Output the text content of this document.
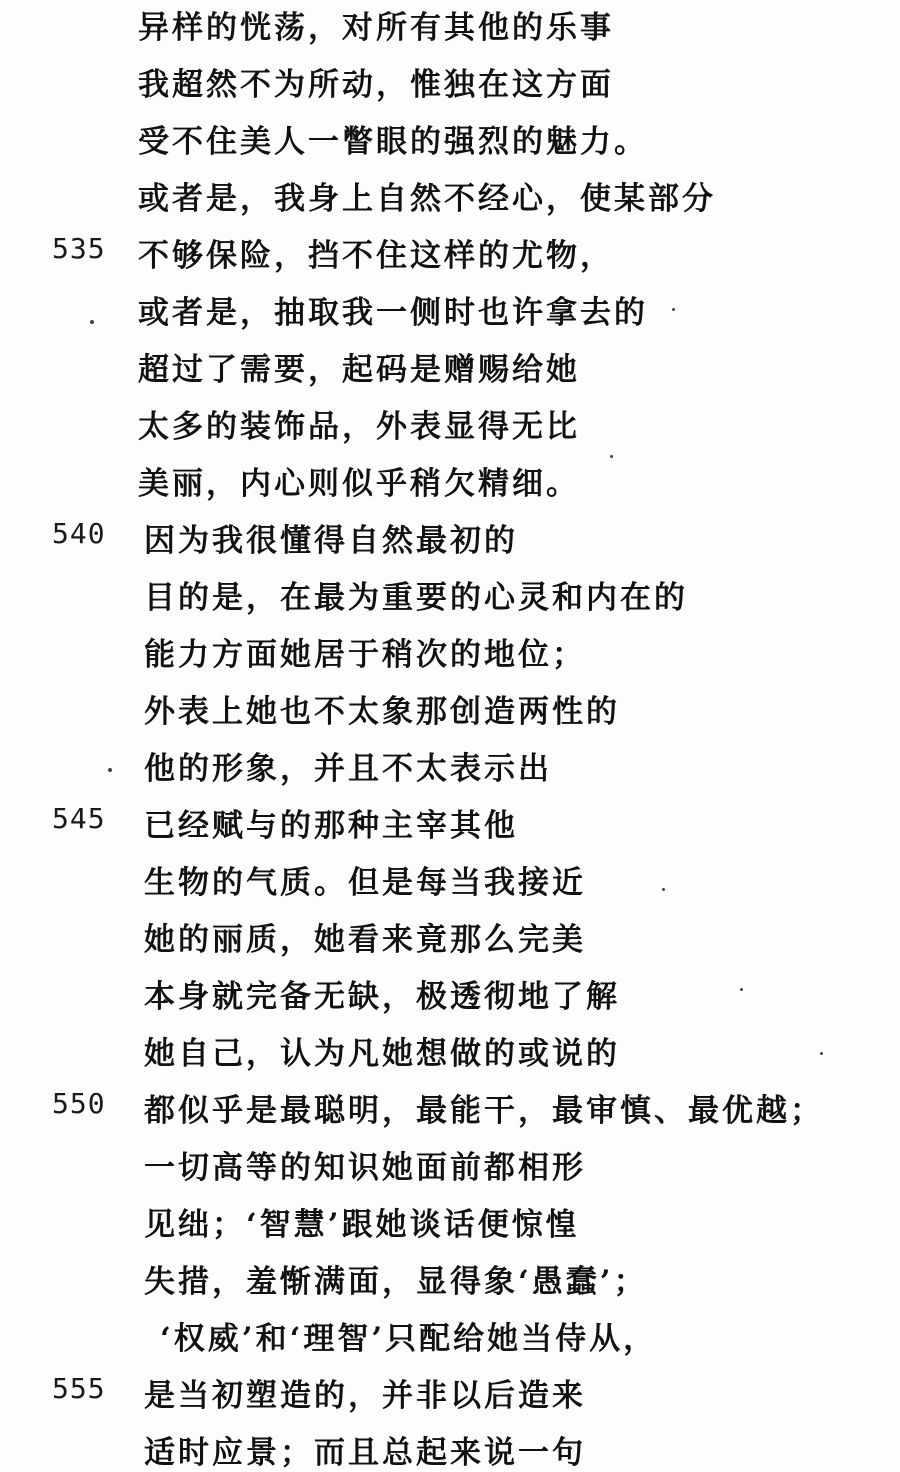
异样的恍荡，对所有其他的乐事
我超然不为所动，惟独在这方面
受不住美人一瞥眼的强烈的魅力。
或者是，我身上自然不经心，使某部分
535 不够保险，挡不住这样的尤物，
或者是，抽取我一侧时也许拿去的
超过了需要，起码是赠赐给她
太多的装饰品，外表显得无比
美丽，内心则似乎稍欠精细。
540 因为我很懂得自然最初的
目的是，在最为重要的心灵和内在的
能力方面她居于稍次的地位；
外表上她也不太象那创造两性的
他的形象，并且不太表示出
545 已经赋与的那种主宰其他
生物的气质。但是每当我接近
她的丽质，她看来竟那么完美
本身就完备无缺，极透彻地了解
她自己，认为凡她想做的或说的
550 都似乎是最聪明，最能干，最审慎、最优越；
一切高等的知识她面前都相形
见绌；‘智慧’跟她谈话便惊惶
失措，羞惭满面，显得象‘愚蠢’；
‘权威’和‘理智’只配给她当侍从，
555 是当初塑造的，并非以后造来
适时应景；而且总起来说一句
